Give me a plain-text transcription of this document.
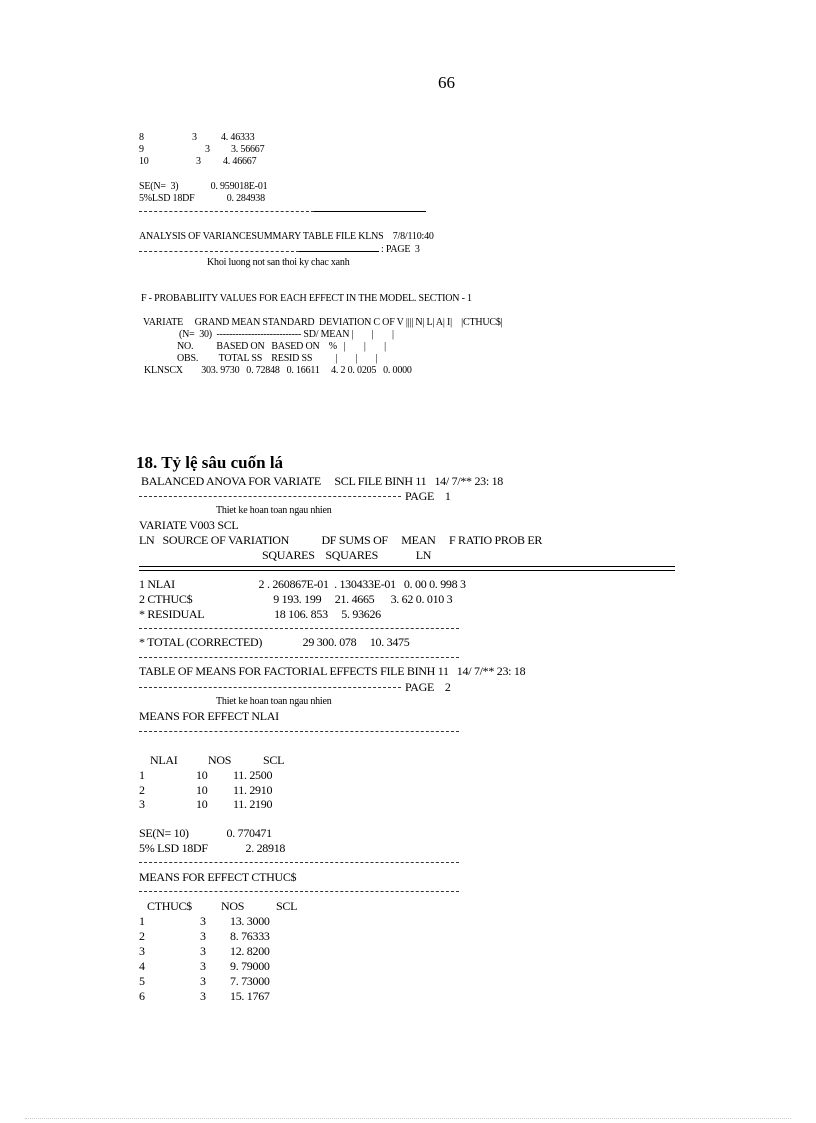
66
8	3 4. 46333
9	3 3. 56667
10	3 4. 46667
SE(N=  3)              0. 959018E-01
5%LSD 18DF              0. 284938
ANALYSIS OF VARIANCESUMMARY TABLE FILE KLNS    7/8/110:40
: PAGE  3
Khoi luong not san thoi ky chac xanh
F - PROBABLIITY VALUES FOR EACH EFFECT IN THE MODEL. SECTION - 1
VARIATE     GRAND MEAN STANDARD  DEVIATION C OF V |||| N| L| A| I|    |CTHUC$|
(N=  30)  --------------------------- SD/ MEAN |        |        |
NO.          BASED ON   BASED ON    %   |        |        |
OBS.         TOTAL SS    RESID SS          |        |        |
KLNSCX        303. 9730   0. 72848   0. 16611     4. 2 0. 0205   0. 0000
18. Tỷ lệ sâu cuốn lá
BALANCED ANOVA FOR VARIATE     SCL FILE BINH 11   14/ 7/** 23: 18
PAGE    1
Thiet ke hoan toan ngau nhien
VARIATE V003 SCL
LN   SOURCE OF VARIATION            DF SUMS OF     MEAN     F RATIO PROB ER
SQUARES    SQUARES              LN
1 NLAI                               2 . 260867E-01  . 130433E-01   0. 00 0. 998 3
2 CTHUC$                              9 193. 199     21. 4665      3. 62 0. 010 3
* RESIDUAL                          18 106. 853     5. 93626
* TOTAL (CORRECTED)               29 300. 078     10. 3475
TABLE OF MEANS FOR FACTORIAL EFFECTS FILE BINH 11   14/ 7/** 23: 18
PAGE    2
Thiet ke hoan toan ngau nhien
MEANS FOR EFFECT NLAI
NLAI	NOS	SCL
1	10 11. 2500
2	10 11. 2910
3	10 11. 2190
SE(N= 10)              0. 770471
5% LSD 18DF              2. 28918
MEANS FOR EFFECT CTHUC$
CTHUC$ NOS	SCL
1	3 13. 3000
2	3 8. 76333
3	3 12. 8200
4	3 9. 79000
5	3 7. 73000
6	3 15. 1767
